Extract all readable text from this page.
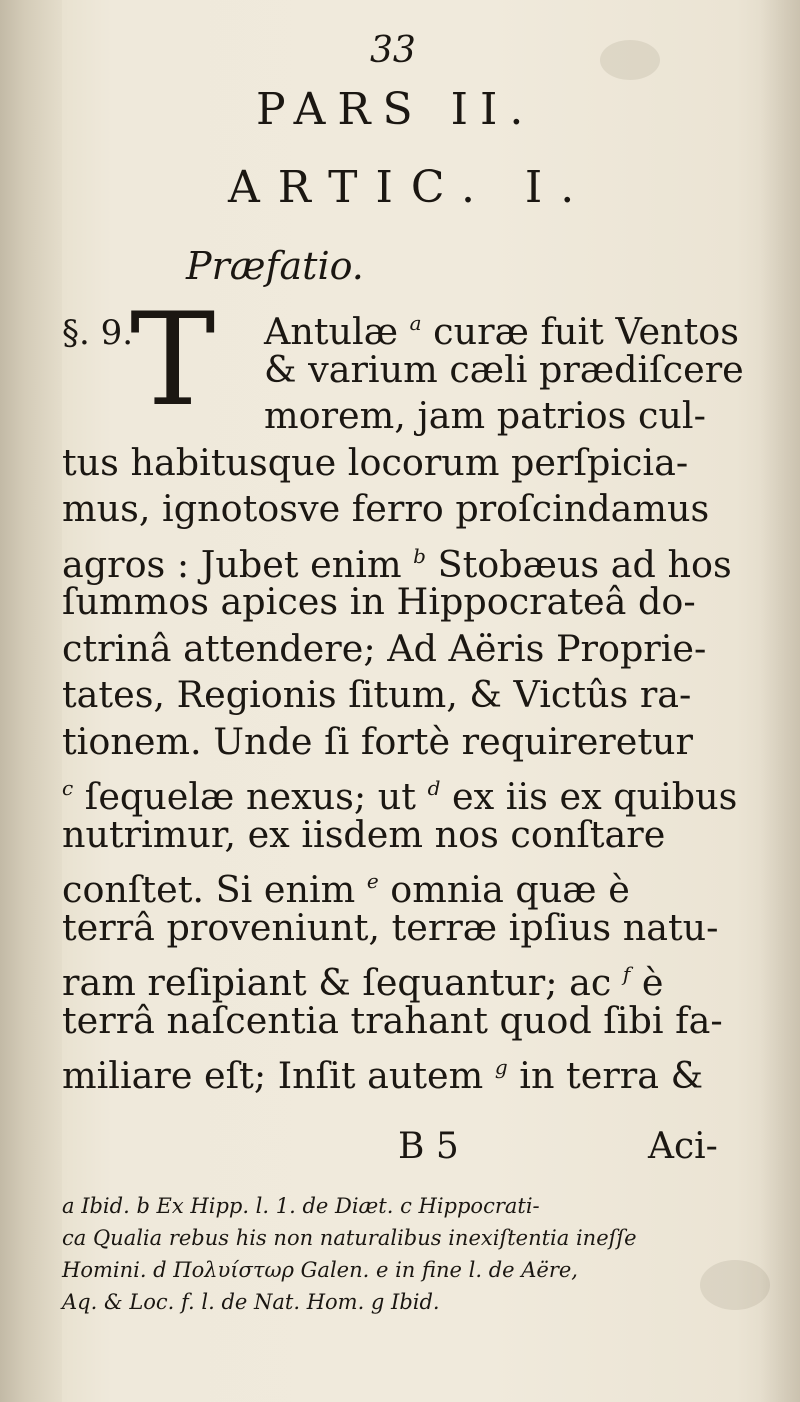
33
PARS II.
ARTIC. I.
Præfatio.
T
§. 9.	Antulæ $^a$ curæ fuit Ventos
& varium cæli prædiſcere
morem, jam patrios cul-
tus habitusque locorum perſpicia-
mus, ignotosve ferro proſcindamus
agros : Jubet enim $^b$ Stobæus ad hos
ſummos apices in Hippocrateâ do-
ctrinâ attendere; Ad Aëris Proprie-
tates, Regionis ſitum, & Victûs ra-
tionem. Unde ſi fortè requireretur
$^c$ ſequelæ nexus; ut $^d$ ex iis ex quibus
nutrimur, ex iisdem nos conſtare
conſtet. Si enim $^e$ omnia quæ è
terrâ proveniunt, terræ ipſius natu-
ram reſipiant & ſequantur; ac $^f$ è
terrâ naſcentia trahant quod ſibi fa-
miliare eſt; Inſit autem $^g$ in terra &
B 5	Aci-
a Ibid. b Ex Hipp. l. 1. de Diæt. c Hippocrati-
ca Qualia rebus his non naturalibus inexiſtentia ineſſe
Homini. d Πολυίστωρ Galen. e in fine l. de Aëre,
Aq. & Loc. f. l. de Nat. Hom. g Ibid.
